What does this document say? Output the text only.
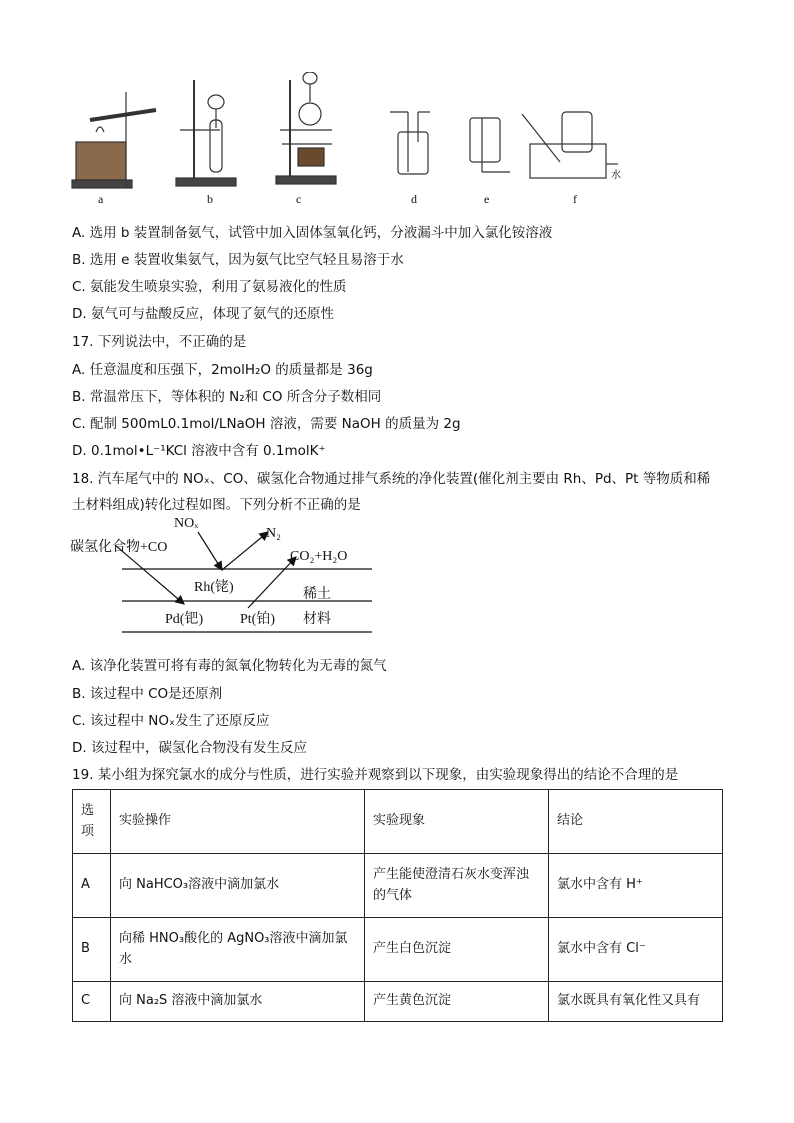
a	b	c	d	e	f
水
A. 选用 b 装置制备氨气，试管中加入固体氢氧化钙，分液漏斗中加入氯化铵溶液
B. 选用 e 装置收集氨气，因为氨气比空气轻且易溶于水
C. 氨能发生喷泉实验，利用了氨易液化的性质
D. 氨气可与盐酸反应，体现了氨气的还原性
17. 下列说法中，不正确的是
A. 任意温度和压强下，2molH₂O 的质量都是 36g
B. 常温常压下，等体积的 N₂和 CO 所含分子数相同
C. 配制 500mL0.1mol/LNaOH 溶液，需要 NaOH 的质量为 2g
D. 0.1mol•L⁻¹KCl 溶液中含有 0.1molK⁺
18. 汽车尾气中的 NOₓ、CO、碳氢化合物通过排气系统的净化装置(催化剂主要由 Rh、Pd、Pt 等物质和稀
土材料组成)转化过程如图。下列分析不正确的是
碳氢化合物+CO
NOₓ
N₂
CO₂+H₂O
Rh(铑)	稀土
Pd(钯)	Pt(铂) 材料
A. 该净化装置可将有毒的氮氧化物转化为无毒的氮气
B. 该过程中 CO是还原剂
C. 该过程中 NOₓ发生了还原反应
D. 该过程中，碳氢化合物没有发生反应
19. 某小组为探究氯水的成分与性质，进行实验并观察到以下现象，由实验现象得出的结论不合理的是
选项	实验操作	实验现象	结论
A	向 NaHCO₃溶液中滴加氯水	产生能使澄清石灰水变浑浊的气体	氯水中含有 H⁺
B	向稀 HNO₃酸化的 AgNO₃溶液中滴加氯水	产生白色沉淀	氯水中含有 Cl⁻
C	向 Na₂S 溶液中滴加氯水	产生黄色沉淀	氯水既具有氧化性又具有
